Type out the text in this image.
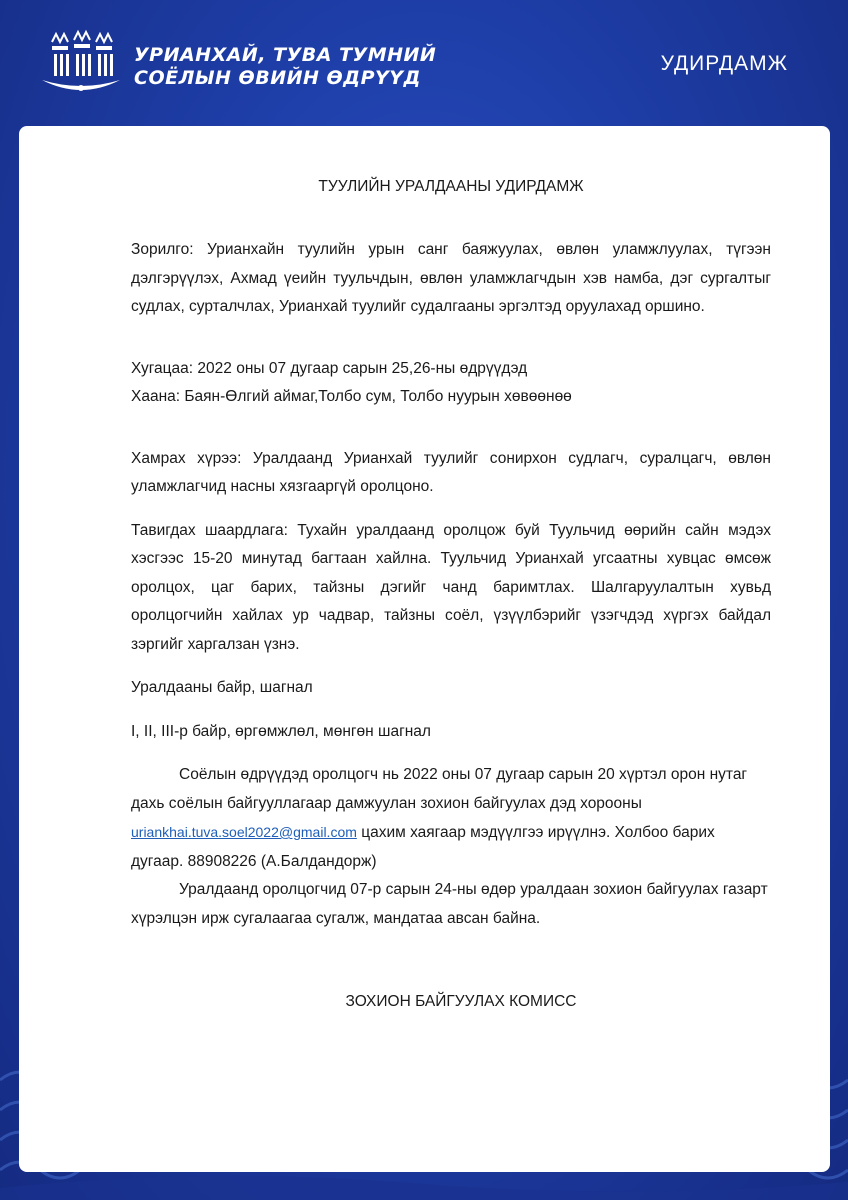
УРИАНХАЙ, ТУВА ТУМНИЙ
СОЁЛЫН ӨВИЙН ӨДРҮҮД
УДИРДАМЖ
ТУУЛИЙН УРАЛДААНЫ УДИРДАМЖ

Зорилго: Урианхайн туулийн урын санг баяжуулах, өвлөн уламжлуулах, түгээн дэлгэрүүлэх, Ахмад үеийн туульчдын, өвлөн уламжлагчдын хэв намба, дэг сургалтыг судлах, сурталчлах, Урианхай туулийг судалгааны эргэлтэд оруулахад оршино.

Хугацаа: 2022 оны 07 дугаар сарын 25,26-ны өдрүүдэд

Хаана: Баян-Өлгий аймаг,Толбо сум, Толбо нуурын хөвөөнөө

Хамрах хүрээ: Уралдаанд Урианхай туулийг сонирхон судлагч, суралцагч, өвлөн уламжлагчид насны хязгааргүй оролцоно.

Тавигдах шаардлага: Тухайн уралдаанд оролцож буй Туульчид өөрийн сайн мэдэх хэсгээс 15-20 минутад багтаан хайлна. Туульчид Урианхай угсаатны хувцас өмсөж оролцох, цаг барих, тайзны дэгийг чанд баримтлах. Шалгаруулалтын хувьд оролцогчийн хайлах ур чадвар, тайзны соёл, үзүүлбэрийг үзэгчдэд хүргэх байдал зэргийг харгалзан үзнэ.

Уралдааны байр, шагнал

I, II, III-р байр, өргөмжлөл, мөнгөн шагнал

Соёлын өдрүүдэд оролцогч нь 2022 оны 07 дугаар сарын 20 хүртэл орон нутаг дахь соёлын байгууллагаар дамжуулан зохион байгуулах дэд хорооны
uriankhai.tuva.soel2022@gmail.com цахим хаягаар мэдүүлгээ ирүүлнэ. Холбоо барих дугаар. 88908226 (А.Балдандорж)

Уралдаанд оролцогчид 07-р сарын 24-ны өдөр уралдаан зохион байгуулах газарт хүрэлцэн ирж сугалаагаа сугалж, мандатаа авсан байна.

ЗОХИОН БАЙГУУЛАХ КОМИСС
